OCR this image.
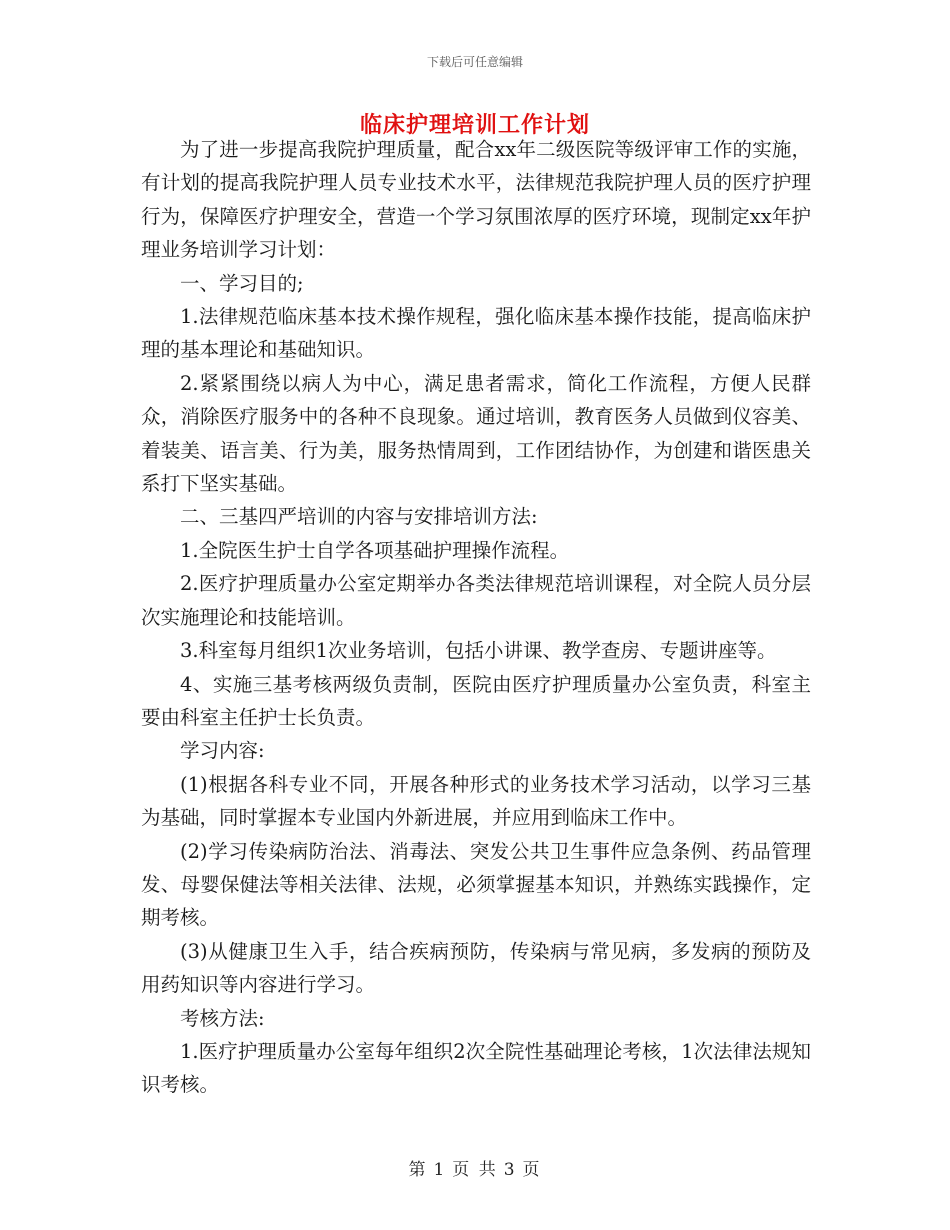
下载后可任意编辑
临床护理培训工作计划

为了进一步提高我院护理质量，配合xx年二级医院等级评审工作的实施，有计划的提高我院护理人员专业技术水平，法律规范我院护理人员的医疗护理行为，保障医疗护理安全，营造一个学习氛围浓厚的医疗环境，现制定xx年护理业务培训学习计划：

一、学习目的;

1.法律规范临床基本技术操作规程，强化临床基本操作技能，提高临床护理的基本理论和基础知识。

2.紧紧围绕以病人为中心，满足患者需求，简化工作流程，方便人民群众，消除医疗服务中的各种不良现象。通过培训，教育医务人员做到仪容美、着装美、语言美、行为美，服务热情周到，工作团结协作，为创建和谐医患关系打下坚实基础。

二、三基四严培训的内容与安排培训方法:

1.全院医生护士自学各项基础护理操作流程。

2.医疗护理质量办公室定期举办各类法律规范培训课程，对全院人员分层次实施理论和技能培训。

3.科室每月组织1次业务培训，包括小讲课、教学查房、专题讲座等。

4、实施三基考核两级负责制，医院由医疗护理质量办公室负责，科室主要由科室主任护士长负责。

学习内容:

(1)根据各科专业不同，开展各种形式的业务技术学习活动，以学习三基为基础，同时掌握本专业国内外新进展，并应用到临床工作中。

(2)学习传染病防治法、消毒法、突发公共卫生事件应急条例、药品管理发、母婴保健法等相关法律、法规，必须掌握基本知识，并熟练实践操作，定期考核。

(3)从健康卫生入手，结合疾病预防，传染病与常见病，多发病的预防及用药知识等内容进行学习。

考核方法:

1.医疗护理质量办公室每年组织2次全院性基础理论考核，1次法律法规知识考核。

第 1 页 共 3 页
